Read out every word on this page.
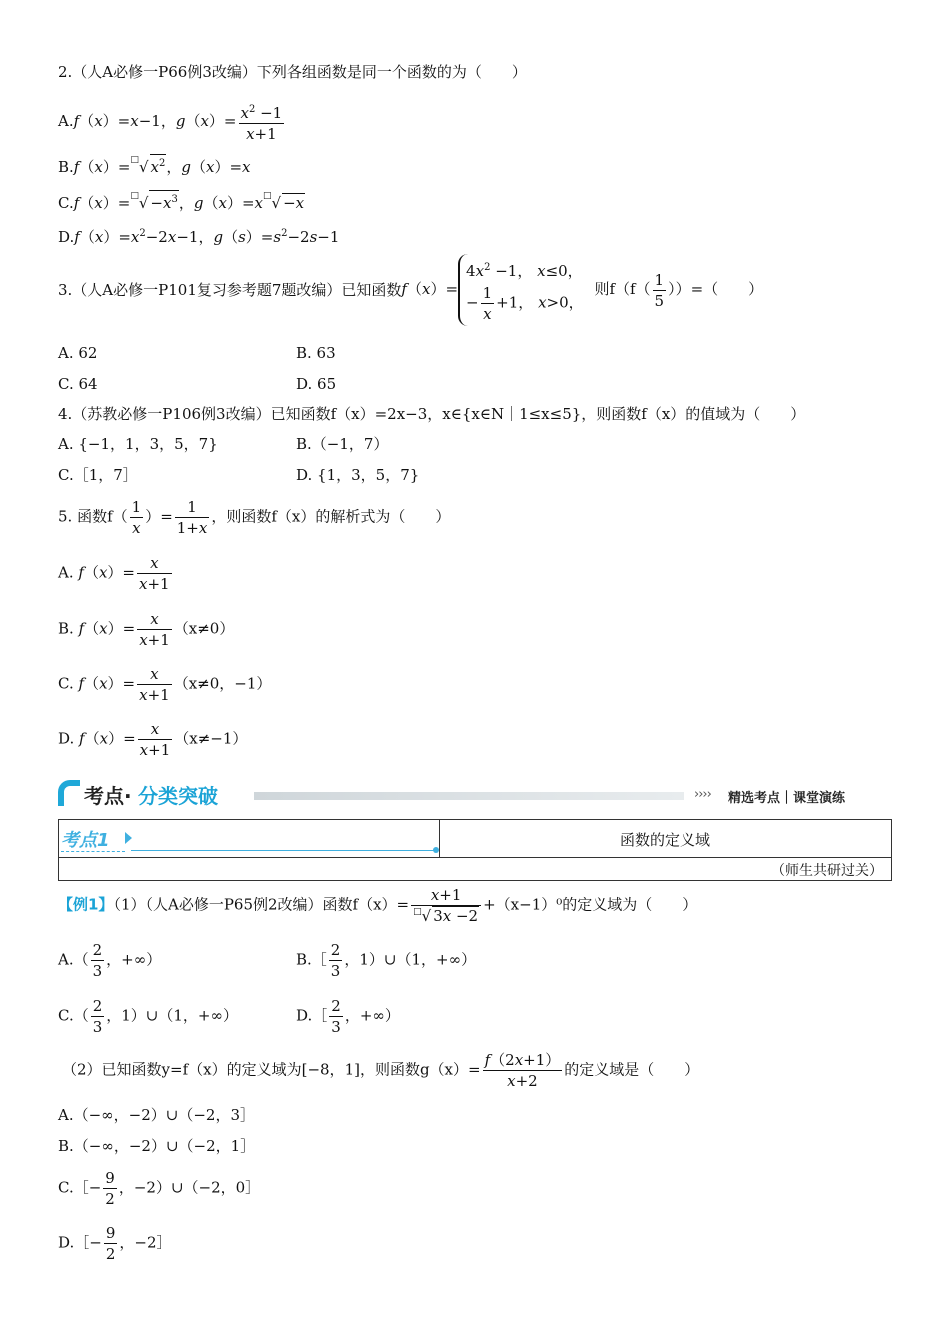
2.（人A必修一P66例3改编）下列各组函数是同一个函数的为（　　）
A.f（x）=x−1，$g(x)= \frac{x^2 -1}{x+1}$
B.f（x）=□√ $x^2$，g（x）=x
$C.f(x)=^□√ -x^3$，g（x）=x□√ −x
$D.f(x)=x^2-2x-1$，$g(s)=s^2-2s-1$
3.（人A必修一P101复习参考题7题改编）已知函数f（x）=
$4x^2 -1$， x≤0，
− $\frac{1}{x} +1$， x>0，
则$f(f( \frac{1}{5}$ ））=（　　）
A. 62	B. 63
C. 64	D. 65
4.（苏教必修一P106例3改编）已知函数f（x）=2x−3，x∈{x∈N｜1≤x≤5}，则函数f（x）的值域为（　　）
A. {−1，1，3，5，7}	B.（−1，7）
C.［1，7］	D. {1，3，5，7}
5. 函数$f( \frac{1}{x}$ ）= $\frac{1}{1+x}$ ，则函数f（x）的解析式为（　　）
A. $f(x)= \frac{x}{x+1}$
B. $f(x)= \frac{x}{x+1} (x\ne 0)$
C. $f(x)= \frac{x}{x+1} (x\ne 0$，−1）
D. $f(x)= \frac{x}{x+1} (x\ne-1)$
考点· 分类突破	›››› 精选考点｜课堂演练
考点1	函数的定义域
（师生共研过关）
【例1】（1）（人A必修一P65例2改编）函数$f(x)= \frac{x+1}{^□√ 3x -2} +(x-1)^0$的定义域为（　　）
$A.( \frac{2}{3}$ ，+∞）	B.［ $\frac{2}{3}$ ，1）∪（1，+∞）
$C.( \frac{2}{3}$ ，1）∪（1，+∞）	D.［ $\frac{2}{3}$ ，+∞）
（2）已知函数y=f（x）的定义域为[−8，1]，则函数$g(x)= \frac{f(2x+1)}{x+2}$ 的定义域是（　　）
A.（−∞，−2）∪（−2，3］
B.（−∞，−2）∪（−2，1］
C.［− $\frac{9}{2}$ ，−2）∪（−2，0］
D.［− $\frac{9}{2}$ ，−2］
